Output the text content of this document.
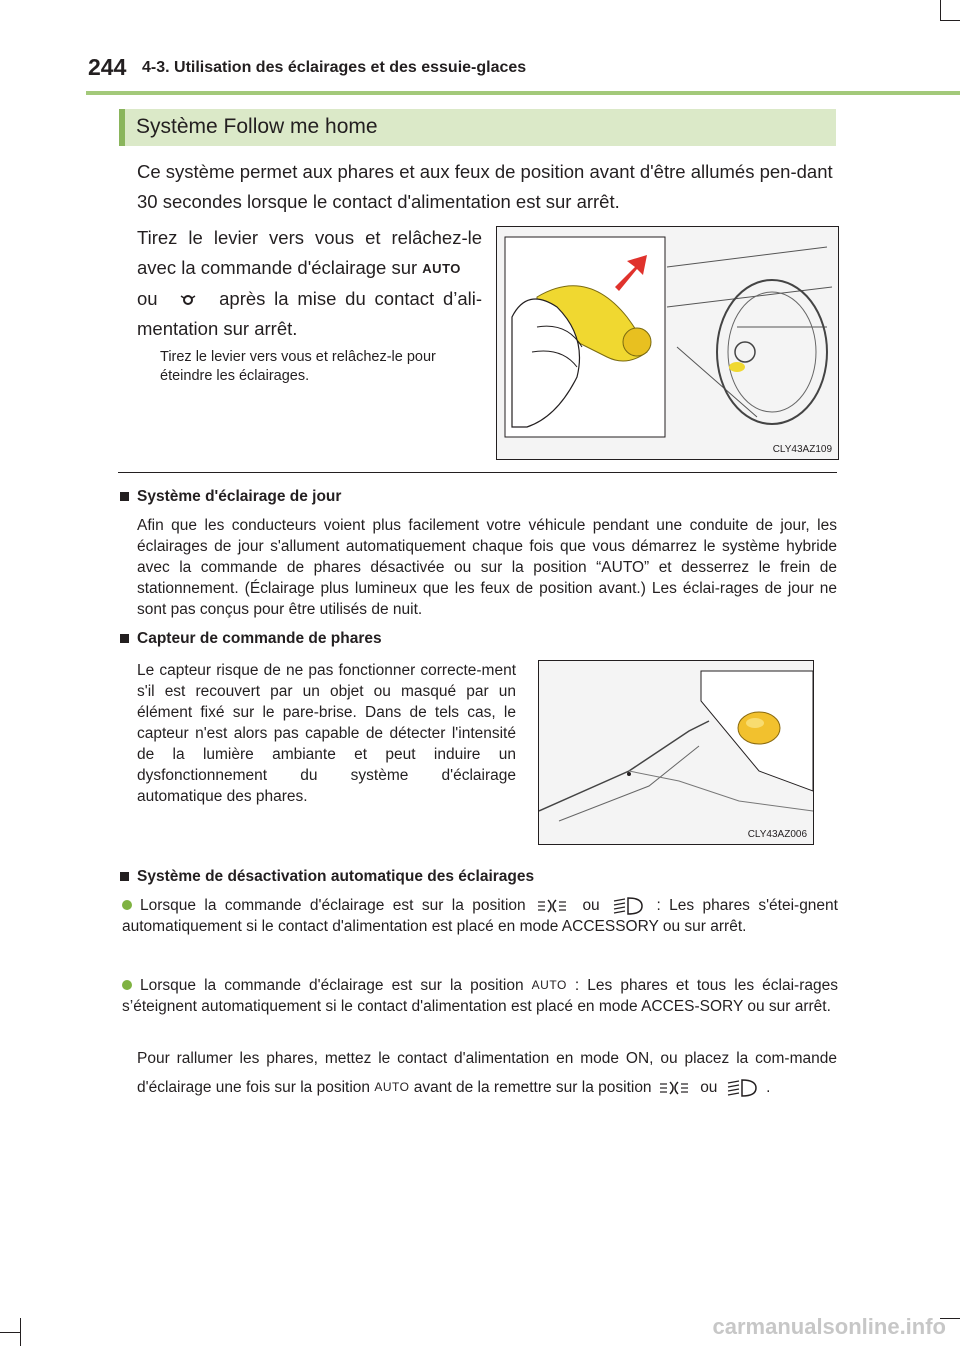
244 4-3. Utilisation des éclairages et des essuie-glaces
Système Follow me home
Ce système permet aux phares et aux feux de position avant d'être allumés pen-dant 30 secondes lorsque le contact d'alimentation est sur arrêt.
Tirez le levier vers vous et relâchez-le avec la commande d'éclairage sur AUTO
ou	après la mise du contact d’ali-mentation sur arrêt.
Tirez le levier vers vous et relâchez-le pour éteindre les éclairages.
CLY43AZ109
Système d'éclairage de jour
Afin que les conducteurs voient plus facilement votre véhicule pendant une conduite de jour, les éclairages de jour s'allument automatiquement chaque fois que vous démarrez le système hybride avec la commande de phares désactivée ou sur la position “AUTO” et desserrez le frein de stationnement. (Éclairage plus lumineux que les feux de position avant.) Les éclai-rages de jour ne sont pas conçus pour être utilisés de nuit.
Capteur de commande de phares
Le capteur risque de ne pas fonctionner correcte-ment s'il est recouvert par un objet ou masqué par un élément fixé sur le pare-brise. Dans de tels cas, le capteur n'est alors pas capable de détecter l'intensité de la lumière ambiante et peut induire un dysfonctionnement du système d'éclairage automatique des phares.
CLY43AZ006
Système de désactivation automatique des éclairages
Lorsque la commande d'éclairage est sur la position	ou	: Les phares s'étei-gnent automatiquement si le contact d'alimentation est placé en mode ACCESSORY ou sur arrêt.
Lorsque la commande d'éclairage est sur la position AUTO : Les phares et tous les éclai-rages s’éteignent automatiquement si le contact d'alimentation est placé en mode ACCES-SORY ou sur arrêt.
Pour rallumer les phares, mettez le contact d'alimentation en mode ON, ou placez la com-mande d'éclairage une fois sur la position AUTO avant de la remettre sur la position	ou	.
carmanualsonline.info
